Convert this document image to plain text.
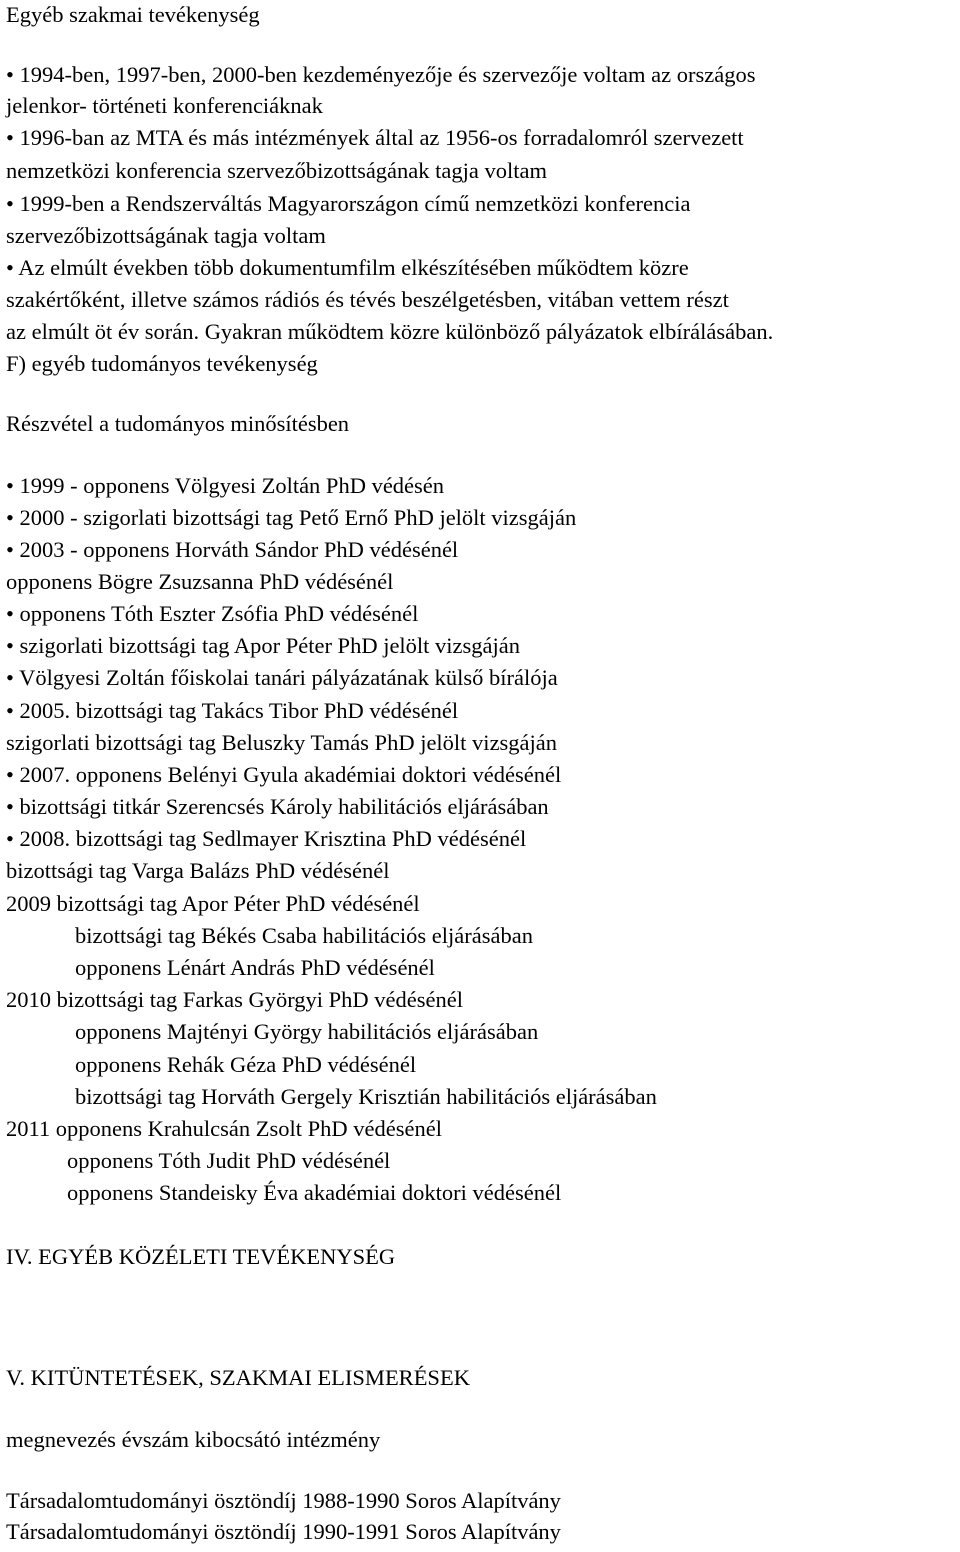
Egyéb szakmai tevékenység
• 1994-ben, 1997-ben, 2000-ben kezdeményezője és szervezője voltam az országos
jelenkor- történeti konferenciáknak
• 1996-ban az MTA és más intézmények által az 1956-os forradalomról szervezett
nemzetközi konferencia szervezőbizottságának tagja voltam
• 1999-ben a Rendszerváltás Magyarországon című nemzetközi konferencia
szervezőbizottságának tagja voltam
• Az elmúlt években több dokumentumfilm elkészítésében működtem közre
szakértőként, illetve számos rádiós és tévés beszélgetésben, vitában vettem részt
az elmúlt öt év során. Gyakran működtem közre különböző pályázatok elbírálásában.
F) egyéb tudományos tevékenység
Részvétel a tudományos minősítésben
• 1999 - opponens Völgyesi Zoltán PhD védésén
• 2000 - szigorlati bizottsági tag Pető Ernő PhD jelölt vizsgáján
• 2003 - opponens Horváth Sándor PhD védésénél
opponens Bögre Zsuzsanna PhD védésénél
• opponens Tóth Eszter Zsófia PhD védésénél
• szigorlati bizottsági tag Apor Péter PhD jelölt vizsgáján
• Völgyesi Zoltán főiskolai tanári pályázatának külső bírálója
• 2005. bizottsági tag Takács Tibor PhD védésénél
szigorlati bizottsági tag Beluszky Tamás PhD jelölt vizsgáján
• 2007. opponens Belényi Gyula akadémiai doktori védésénél
• bizottsági titkár Szerencsés Károly habilitációs eljárásában
• 2008. bizottsági tag Sedlmayer Krisztina PhD védésénél
bizottsági tag Varga Balázs PhD védésénél
2009 bizottsági tag Apor Péter PhD védésénél
bizottsági tag Békés Csaba habilitációs eljárásában
opponens Lénárt András PhD védésénél
2010 bizottsági tag Farkas Györgyi PhD védésénél
opponens Majtényi György habilitációs eljárásában
opponens Rehák Géza PhD védésénél
bizottsági tag Horváth Gergely Krisztián habilitációs eljárásában
2011 opponens Krahulcsán Zsolt PhD védésénél
opponens Tóth Judit PhD védésénél
opponens Standeisky Éva akadémiai doktori védésénél
IV. EGYÉB KÖZÉLETI TEVÉKENYSÉG
V. KITÜNTETÉSEK, SZAKMAI ELISMERÉSEK
megnevezés évszám kibocsátó intézmény
Társadalomtudományi ösztöndíj 1988-1990 Soros Alapítvány
Társadalomtudományi ösztöndíj 1990-1991 Soros Alapítvány
